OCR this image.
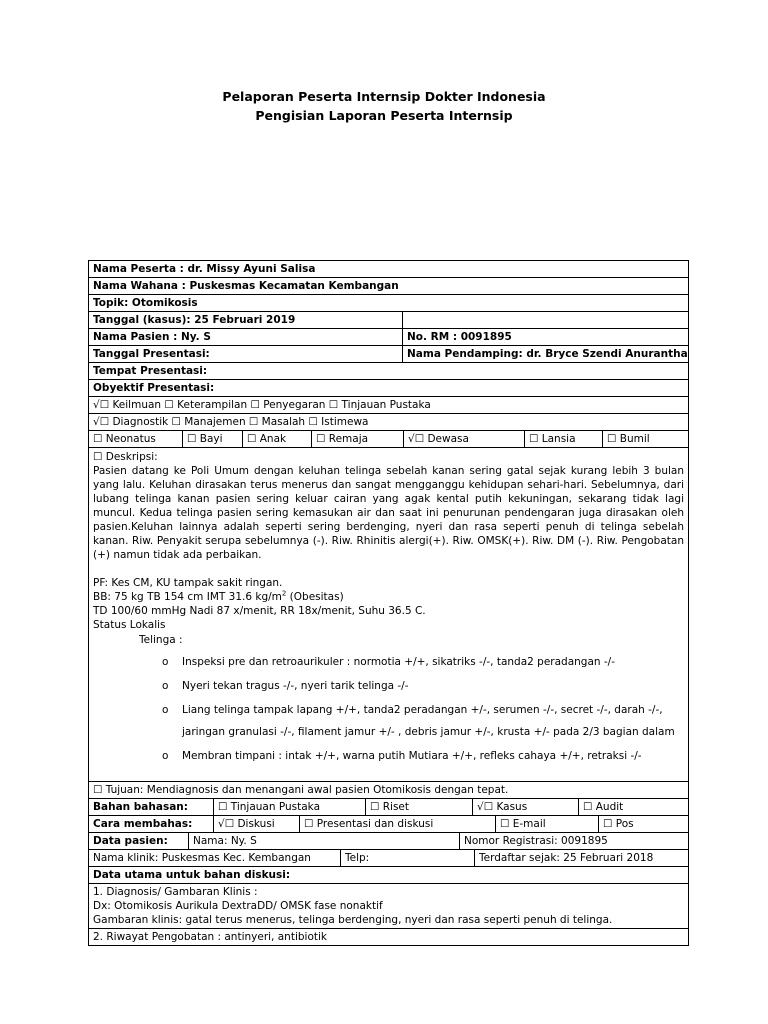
Pelaporan Peserta Internsip Dokter Indonesia
Pengisian Laporan Peserta Internsip
Nama Peserta : dr. Missy Ayuni Salisa
Nama Wahana : Puskesmas Kecamatan Kembangan
Topik: Otomikosis
Tanggal (kasus): 25 Februari 2019
Nama Pasien : Ny. S	No. RM : 0091895
Tanggal Presentasi:	Nama Pendamping: dr. Bryce Szendi Anurantha
Tempat Presentasi:
Obyektif Presentasi:
√☐ Keilmuan ☐ Keterampilan ☐ Penyegaran ☐ Tinjauan Pustaka
√☐ Diagnostik ☐ Manajemen ☐ Masalah ☐ Istimewa
☐ Neonatus	☐ Bayi	☐ Anak	☐ Remaja	√☐ Dewasa	☐ Lansia	☐ Bumil
☐ Deskripsi:

Pasien datang ke Poli Umum dengan keluhan telinga sebelah kanan sering gatal sejak kurang lebih 3 bulan yang lalu. Keluhan dirasakan terus menerus dan sangat mengganggu kehidupan sehari-hari. Sebelumnya, dari lubang telinga kanan pasien sering keluar cairan yang agak kental putih kekuningan, sekarang tidak lagi muncul. Kedua telinga pasien sering kemasukan air dan saat ini penurunan pendengaran juga dirasakan oleh pasien.Keluhan lainnya adalah seperti sering berdenging, nyeri dan rasa seperti penuh di telinga sebelah kanan. Riw. Penyakit serupa sebelumnya (-). Riw. Rhinitis alergi(+). Riw. OMSK(+). Riw. DM (-). Riw. Pengobatan (+) namun tidak ada perbaikan.

PF: Kes CM, KU tampak sakit ringan.
BB: 75 kg TB 154 cm IMT 31.6 $kg/m^2$ (Obesitas)
TD 100/60 mmHg Nadi 87 x/menit, RR 18x/menit, Suhu 36.5 C.
Status Lokalis
Telinga :
o	Inspeksi pre dan retroaurikuler : normotia +/+, sikatriks -/-, tanda2 peradangan -/-
o	Nyeri tekan tragus -/-, nyeri tarik telinga -/-
o	Liang telinga tampak lapang +/+, tanda2 peradangan +/-, serumen -/-, secret -/-, darah -/-,
jaringan granulasi -/-, filament jamur +/- , debris jamur +/-, krusta +/- pada 2/3 bagian dalam
o	Membran timpani : intak +/+, warna putih Mutiara +/+, refleks cahaya +/+, retraksi -/-
☐ Tujuan: Mendiagnosis dan menangani awal pasien Otomikosis dengan tepat.
Bahan bahasan:	☐ Tinjauan Pustaka	☐ Riset	√☐ Kasus	☐ Audit
Cara membahas:	√☐ Diskusi	☐ Presentasi dan diskusi	☐ E-mail	☐ Pos
Data pasien:	Nama: Ny. S	Nomor Registrasi: 0091895
Nama klinik: Puskesmas Kec. Kembangan	Telp:	Terdaftar sejak: 25 Februari 2018
Data utama untuk bahan diskusi:
1. Diagnosis/ Gambaran Klinis :
Dx: Otomikosis Aurikula DextraDD/ OMSK fase nonaktif
Gambaran klinis: gatal terus menerus, telinga berdenging, nyeri dan rasa seperti penuh di telinga.
2. Riwayat Pengobatan : antinyeri, antibiotik
